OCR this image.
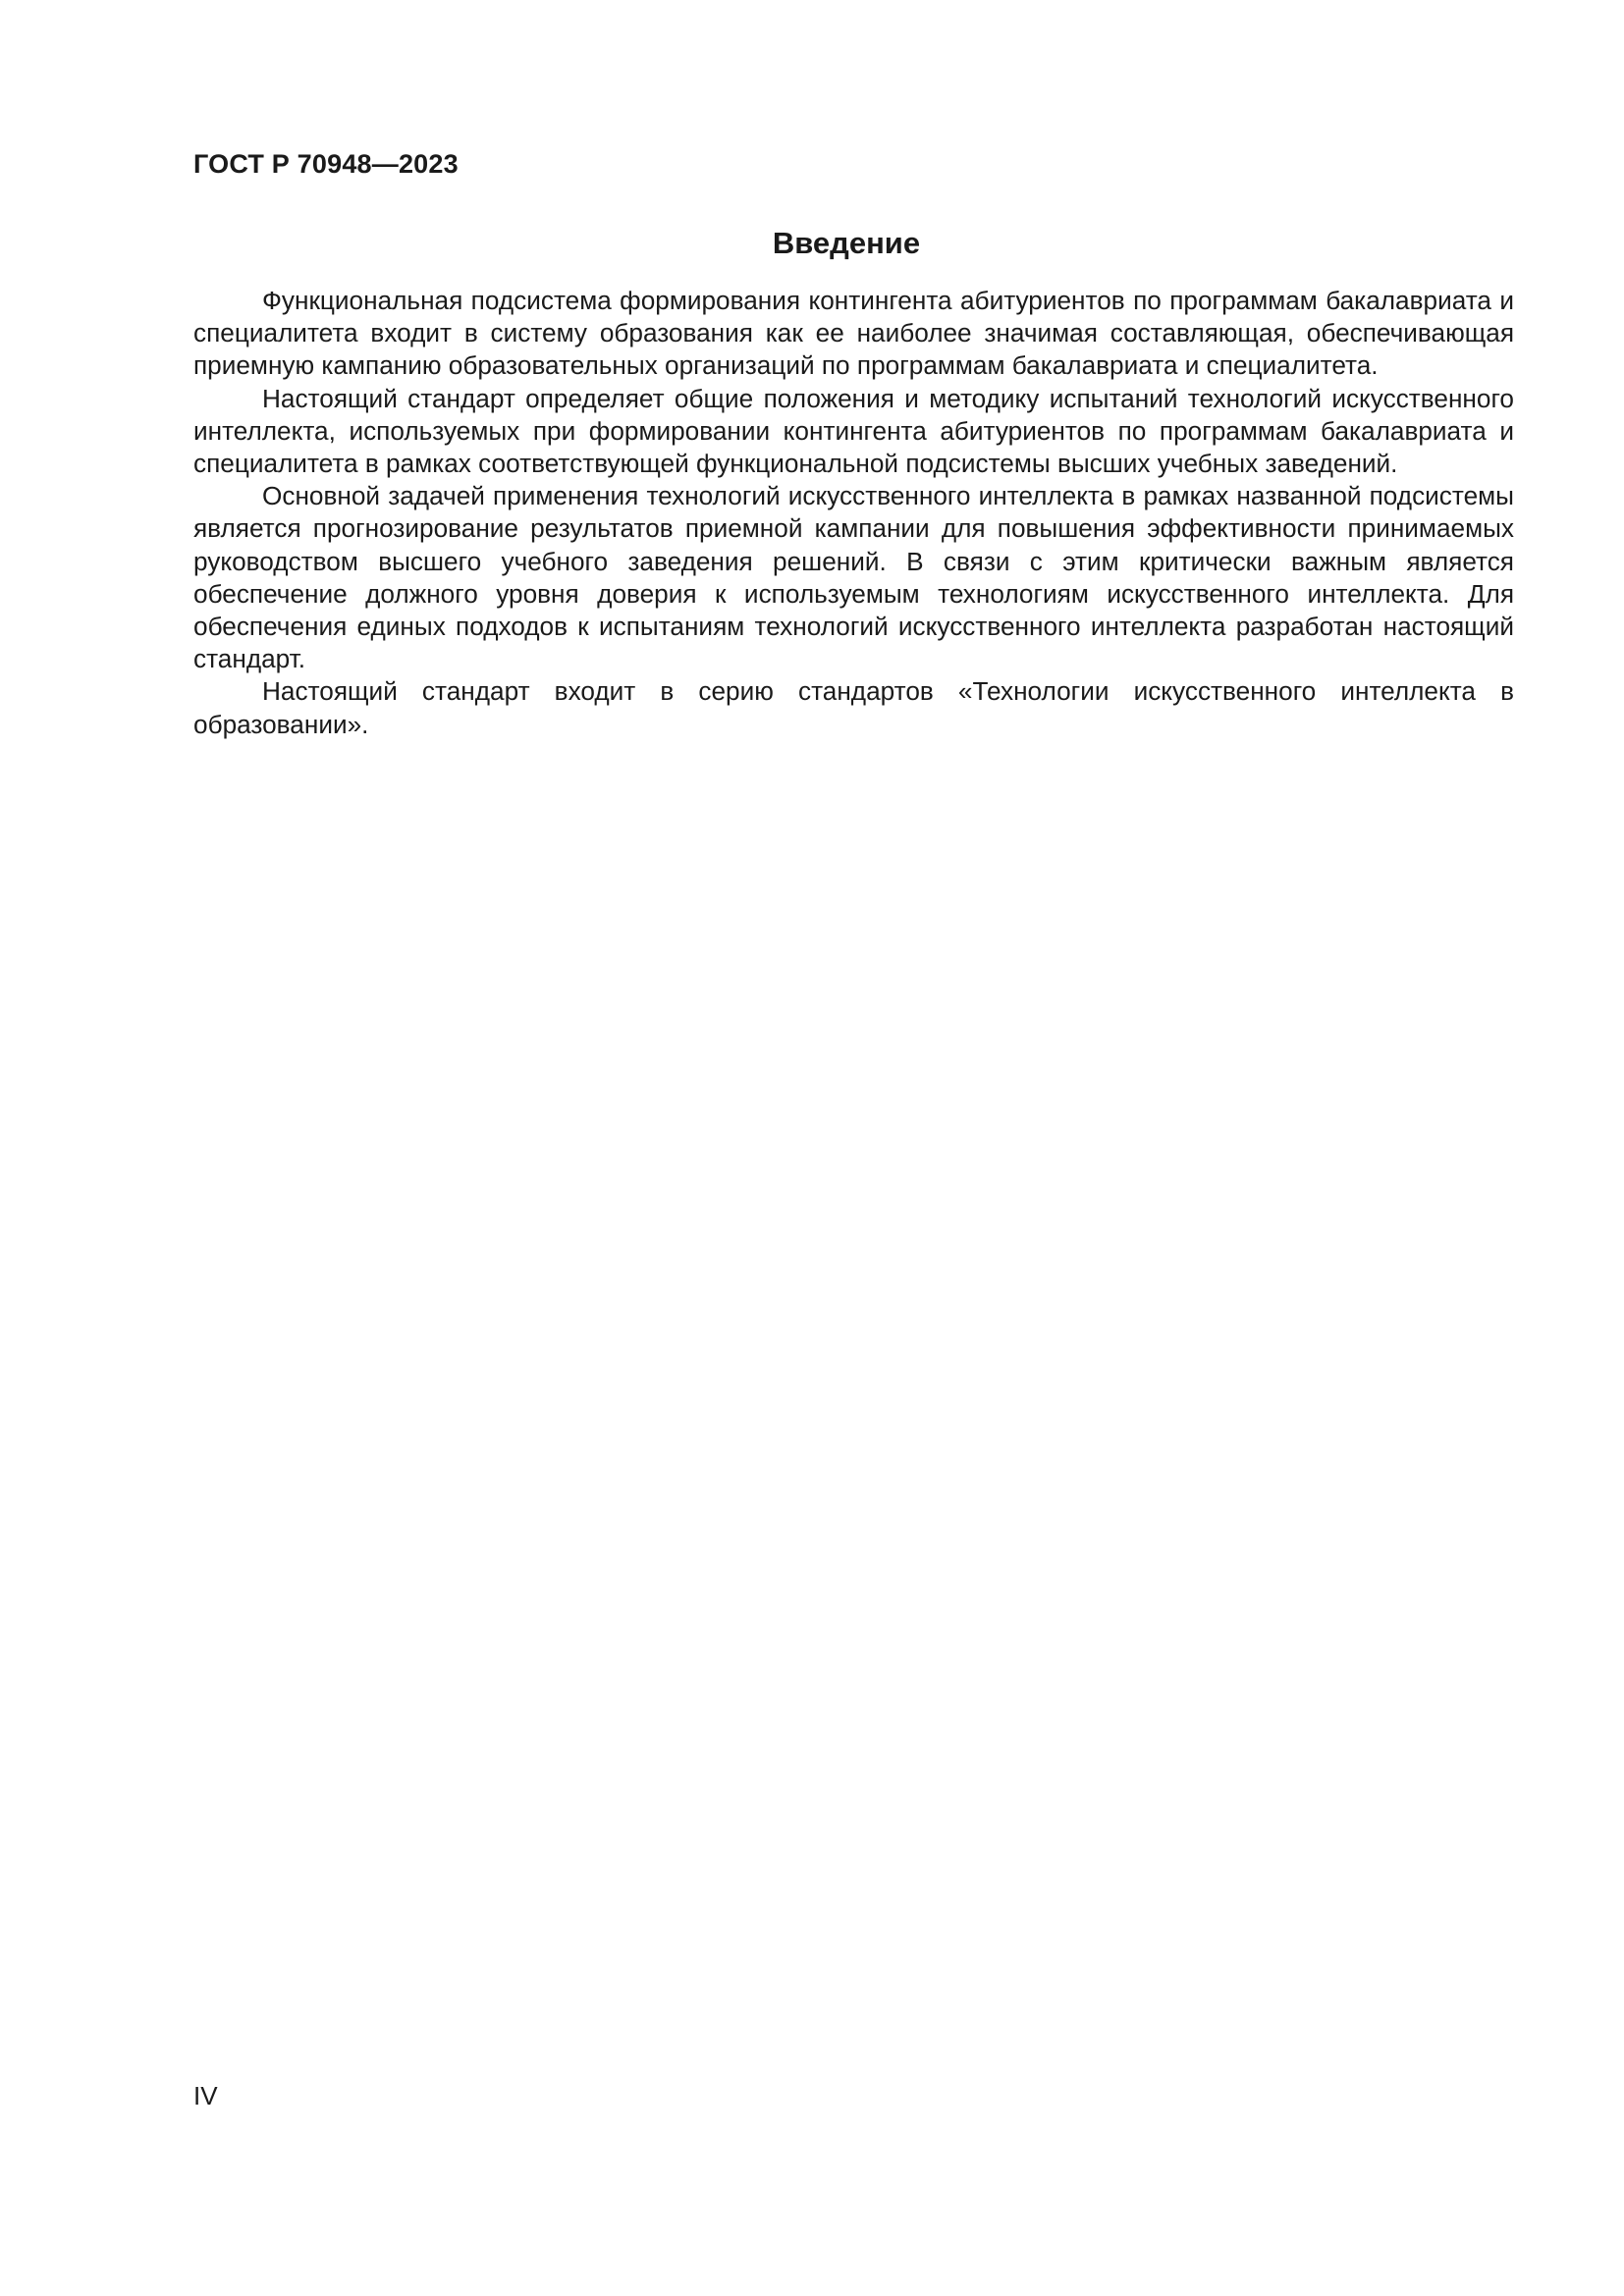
ГОСТ Р 70948—2023
Введение

Функциональная подсистема формирования контингента абитуриентов по программам бакалавриата и специалитета входит в систему образования как ее наиболее значимая составляющая, обеспечивающая приемную кампанию образовательных организаций по программам бакалавриата и специалитета.

Настоящий стандарт определяет общие положения и методику испытаний технологий искусственного интеллекта, используемых при формировании контингента абитуриентов по программам бакалавриата и специалитета в рамках соответствующей функциональной подсистемы высших учебных заведений.

Основной задачей применения технологий искусственного интеллекта в рамках названной подсистемы является прогнозирование результатов приемной кампании для повышения эффективности принимаемых руководством высшего учебного заведения решений. В связи с этим критически важным является обеспечение должного уровня доверия к используемым технологиям искусственного интеллекта. Для обеспечения единых подходов к испытаниям технологий искусственного интеллекта разработан настоящий стандарт.

Настоящий стандарт входит в серию стандартов «Технологии искусственного интеллекта в образовании».

IV
